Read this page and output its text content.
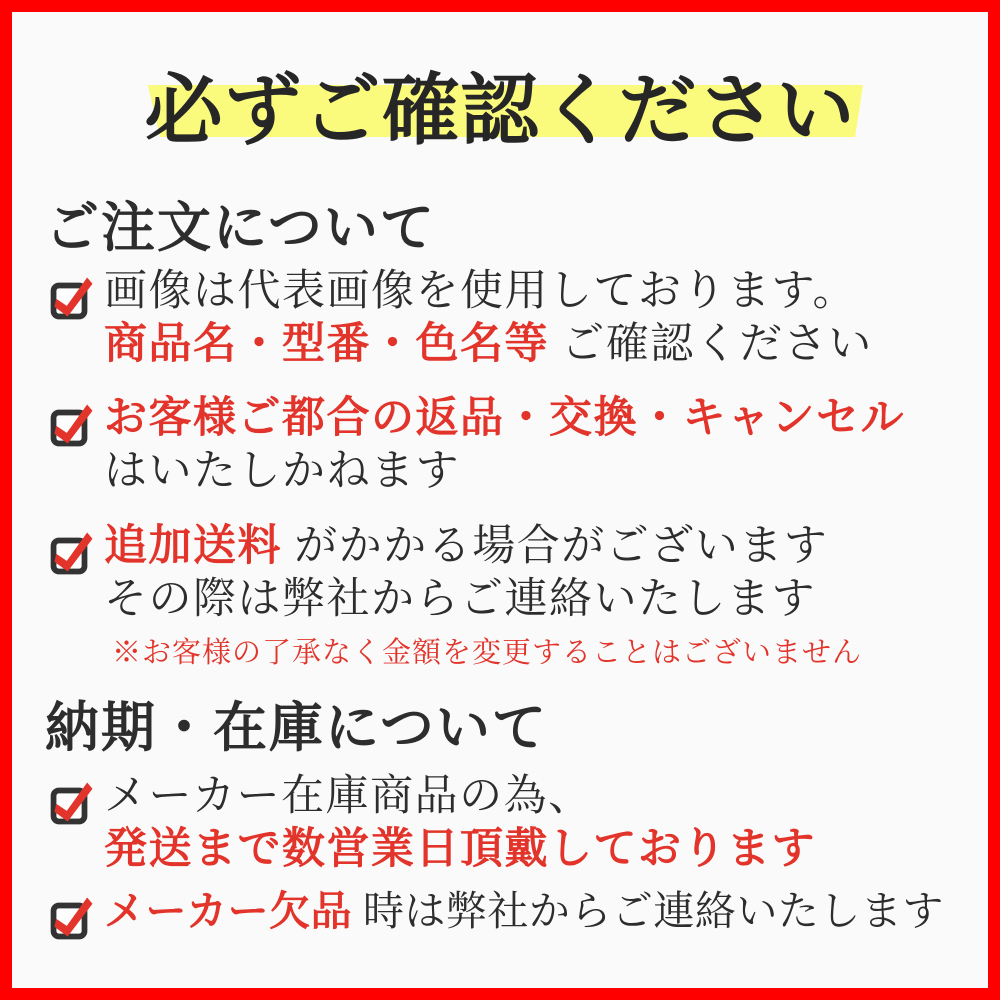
必ずご確認ください
ご注文について
画像は代表画像を使用しております。
商品名・型番・色名等 ご確認ください
お客様ご都合の返品・交換・キャンセル
はいたしかねます
追加送料 がかかる場合がございます
その際は弊社からご連絡いたします
※お客様の了承なく金額を変更することはございません
納期・在庫について
メーカー在庫商品の為、
発送まで数営業日頂戴しております
メーカー欠品 時は弊社からご連絡いたします
